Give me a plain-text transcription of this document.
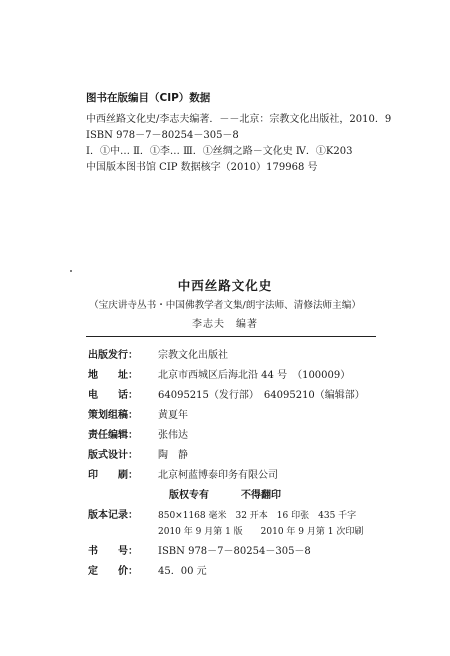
图书在版编目（CIP）数据
中西丝路文化史/李志夫编著．－－北京：宗教文化出版社，2010．9
ISBN 978－7－80254－305－8
Ⅰ．①中… Ⅱ．①李… Ⅲ．①丝绸之路－文化史 Ⅳ．①K203
中国版本图书馆 CIP 数据核字（2010）179968 号
中西丝路文化史
（宝庆讲寺丛书・中国佛教学者文集/朗宇法师、清修法师主编）
李志夫　编著
出版发行： 宗教文化出版社
地　　址： 北京市西城区后海北沿 44 号　（100009）
电　　话： 64095215（发行部）　64095210（编辑部）
策划组稿： 黄夏年
责任编辑： 张伟达
版式设计： 陶　静
印　　刷： 北京柯蓝博泰印务有限公司
版权专有	不得翻印
版本记录： 850×1168 毫米　32 开本　16 印张　435 千字
2010 年 9 月第 1 版　　2010 年 9 月第 1 次印刷
书　　号： ISBN 978－7－80254－305－8
定　　价： 45．00 元
